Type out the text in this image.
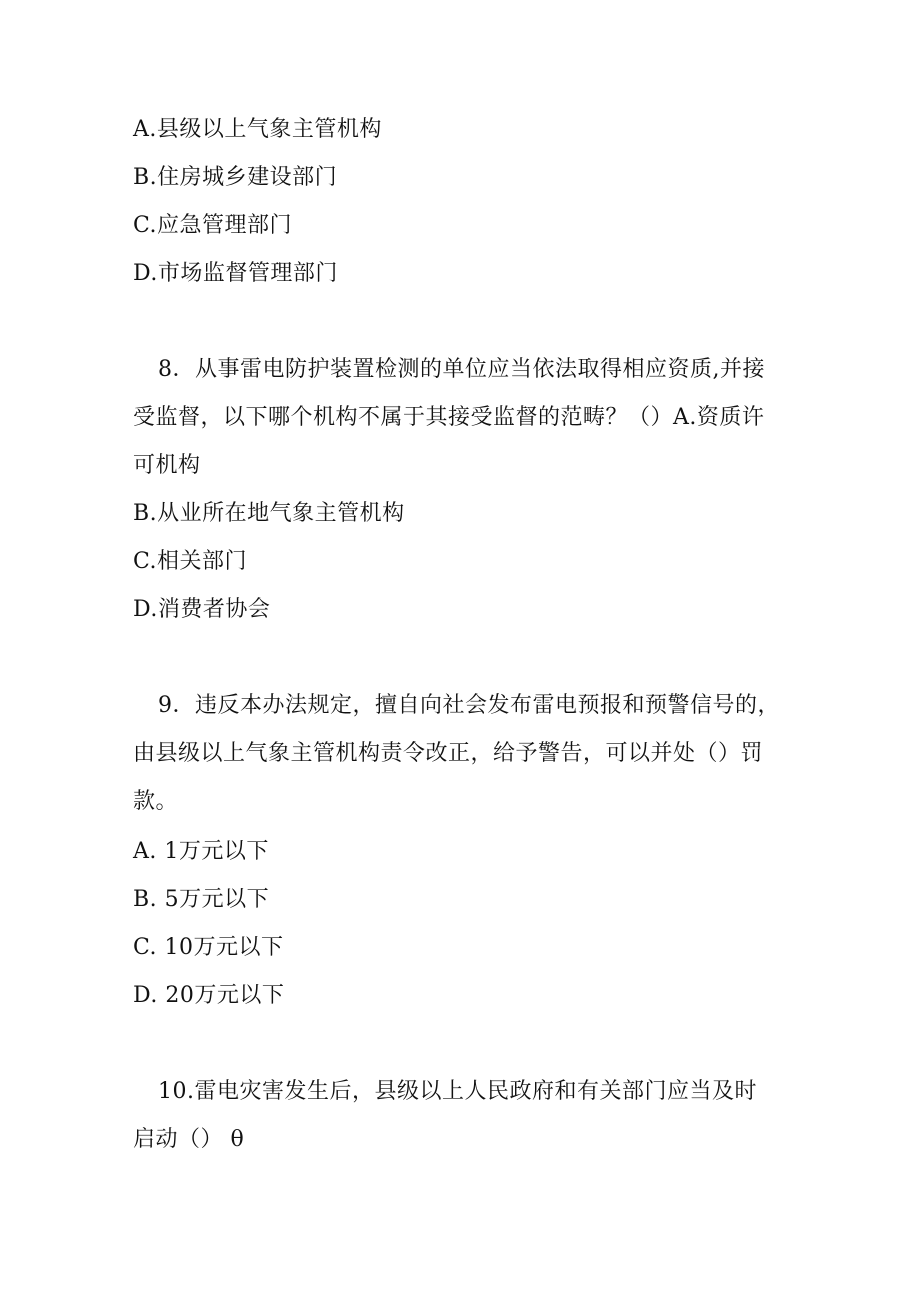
A.县级以上气象主管机构
B.住房城乡建设部门
C.应急管理部门
D.市场监督管理部门
8．从事雷电防护装置检测的单位应当依法取得相应资质,并接
受监督，以下哪个机构不属于其接受监督的范畴？（）A.资质许
可机构
B.从业所在地气象主管机构
C.相关部门
D.消费者协会
9．违反本办法规定，擅自向社会发布雷电预报和预警信号的，
由县级以上气象主管机构责令改正，给予警告，可以并处（）罚
款。
A. 1万元以下
B. 5万元以下
C. 10万元以下
D. 20万元以下
10.雷电灾害发生后，县级以上人民政府和有关部门应当及时
启动（） θ
